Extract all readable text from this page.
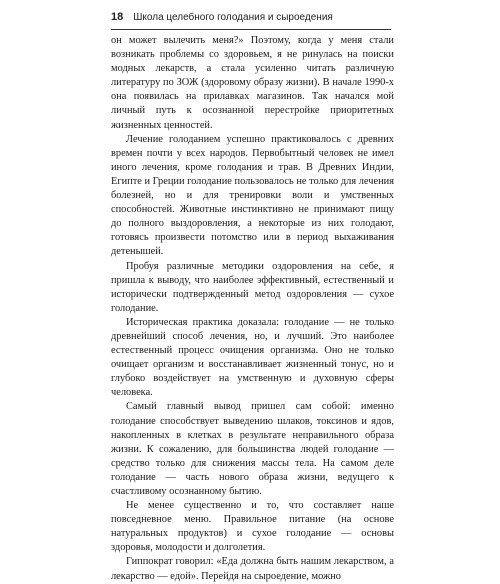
18 Школа целебного голодания и сыроедения

он может вылечить меня?» Поэтому, когда у меня стали возникать проблемы со здоровьем, я не ринулась на поиски модных лекарств, а стала усиленно читать различную литературу по ЗОЖ (здоровому образу жизни). В начале 1990-х она появилась на прилавках магазинов. Так начался мой личный путь к осознанной перестройке приоритетных жизненных ценностей.

Лечение голоданием успешно практиковалось с древних времен почти у всех народов. Первобытный человек не имел иного лечения, кроме голодания и трав. В Древних Индии, Египте и Греции голодание пользовалось не только для лечения болезней, но и для тренировки воли и умственных способностей. Животные инстинктивно не принимают пищу до полного выздоровления, а некоторые из них голодают, готовясь произвести потомство или в период выхаживания детенышей.

Пробуя различные методики оздоровления на себе, я пришла к выводу, что наиболее эффективный, естественный и исторически подтвержденный метод оздоровления — сухое голодание.

Историческая практика доказала: голодание — не только древнейший способ лечения, но, и лучший. Это наиболее естественный процесс очищения организма. Оно не только очищает организм и восстанавливает жизненный тонус, но и глубоко воздействует на умственную и духовную сферы человека.

Самый главный вывод пришел сам собой: именно голодание способствует выведению шлаков, токсинов и ядов, накопленных в клетках в результате неправильного образа жизни. К сожалению, для большинства людей голодание — средство только для снижения массы тела. На самом деле голодание — часть нового образа жизни, ведущего к счастливому осознанному бытию.

Не менее существенно и то, что составляет наше повседневное меню. Правильное питание (на основе натуральных продуктов) и сухое голодание — основы здоровья, молодости и долголетия.

Гиппократ говорил: «Еда должна быть нашим лекарством, а лекарство — едой». Перейдя на сыроедение, можно
